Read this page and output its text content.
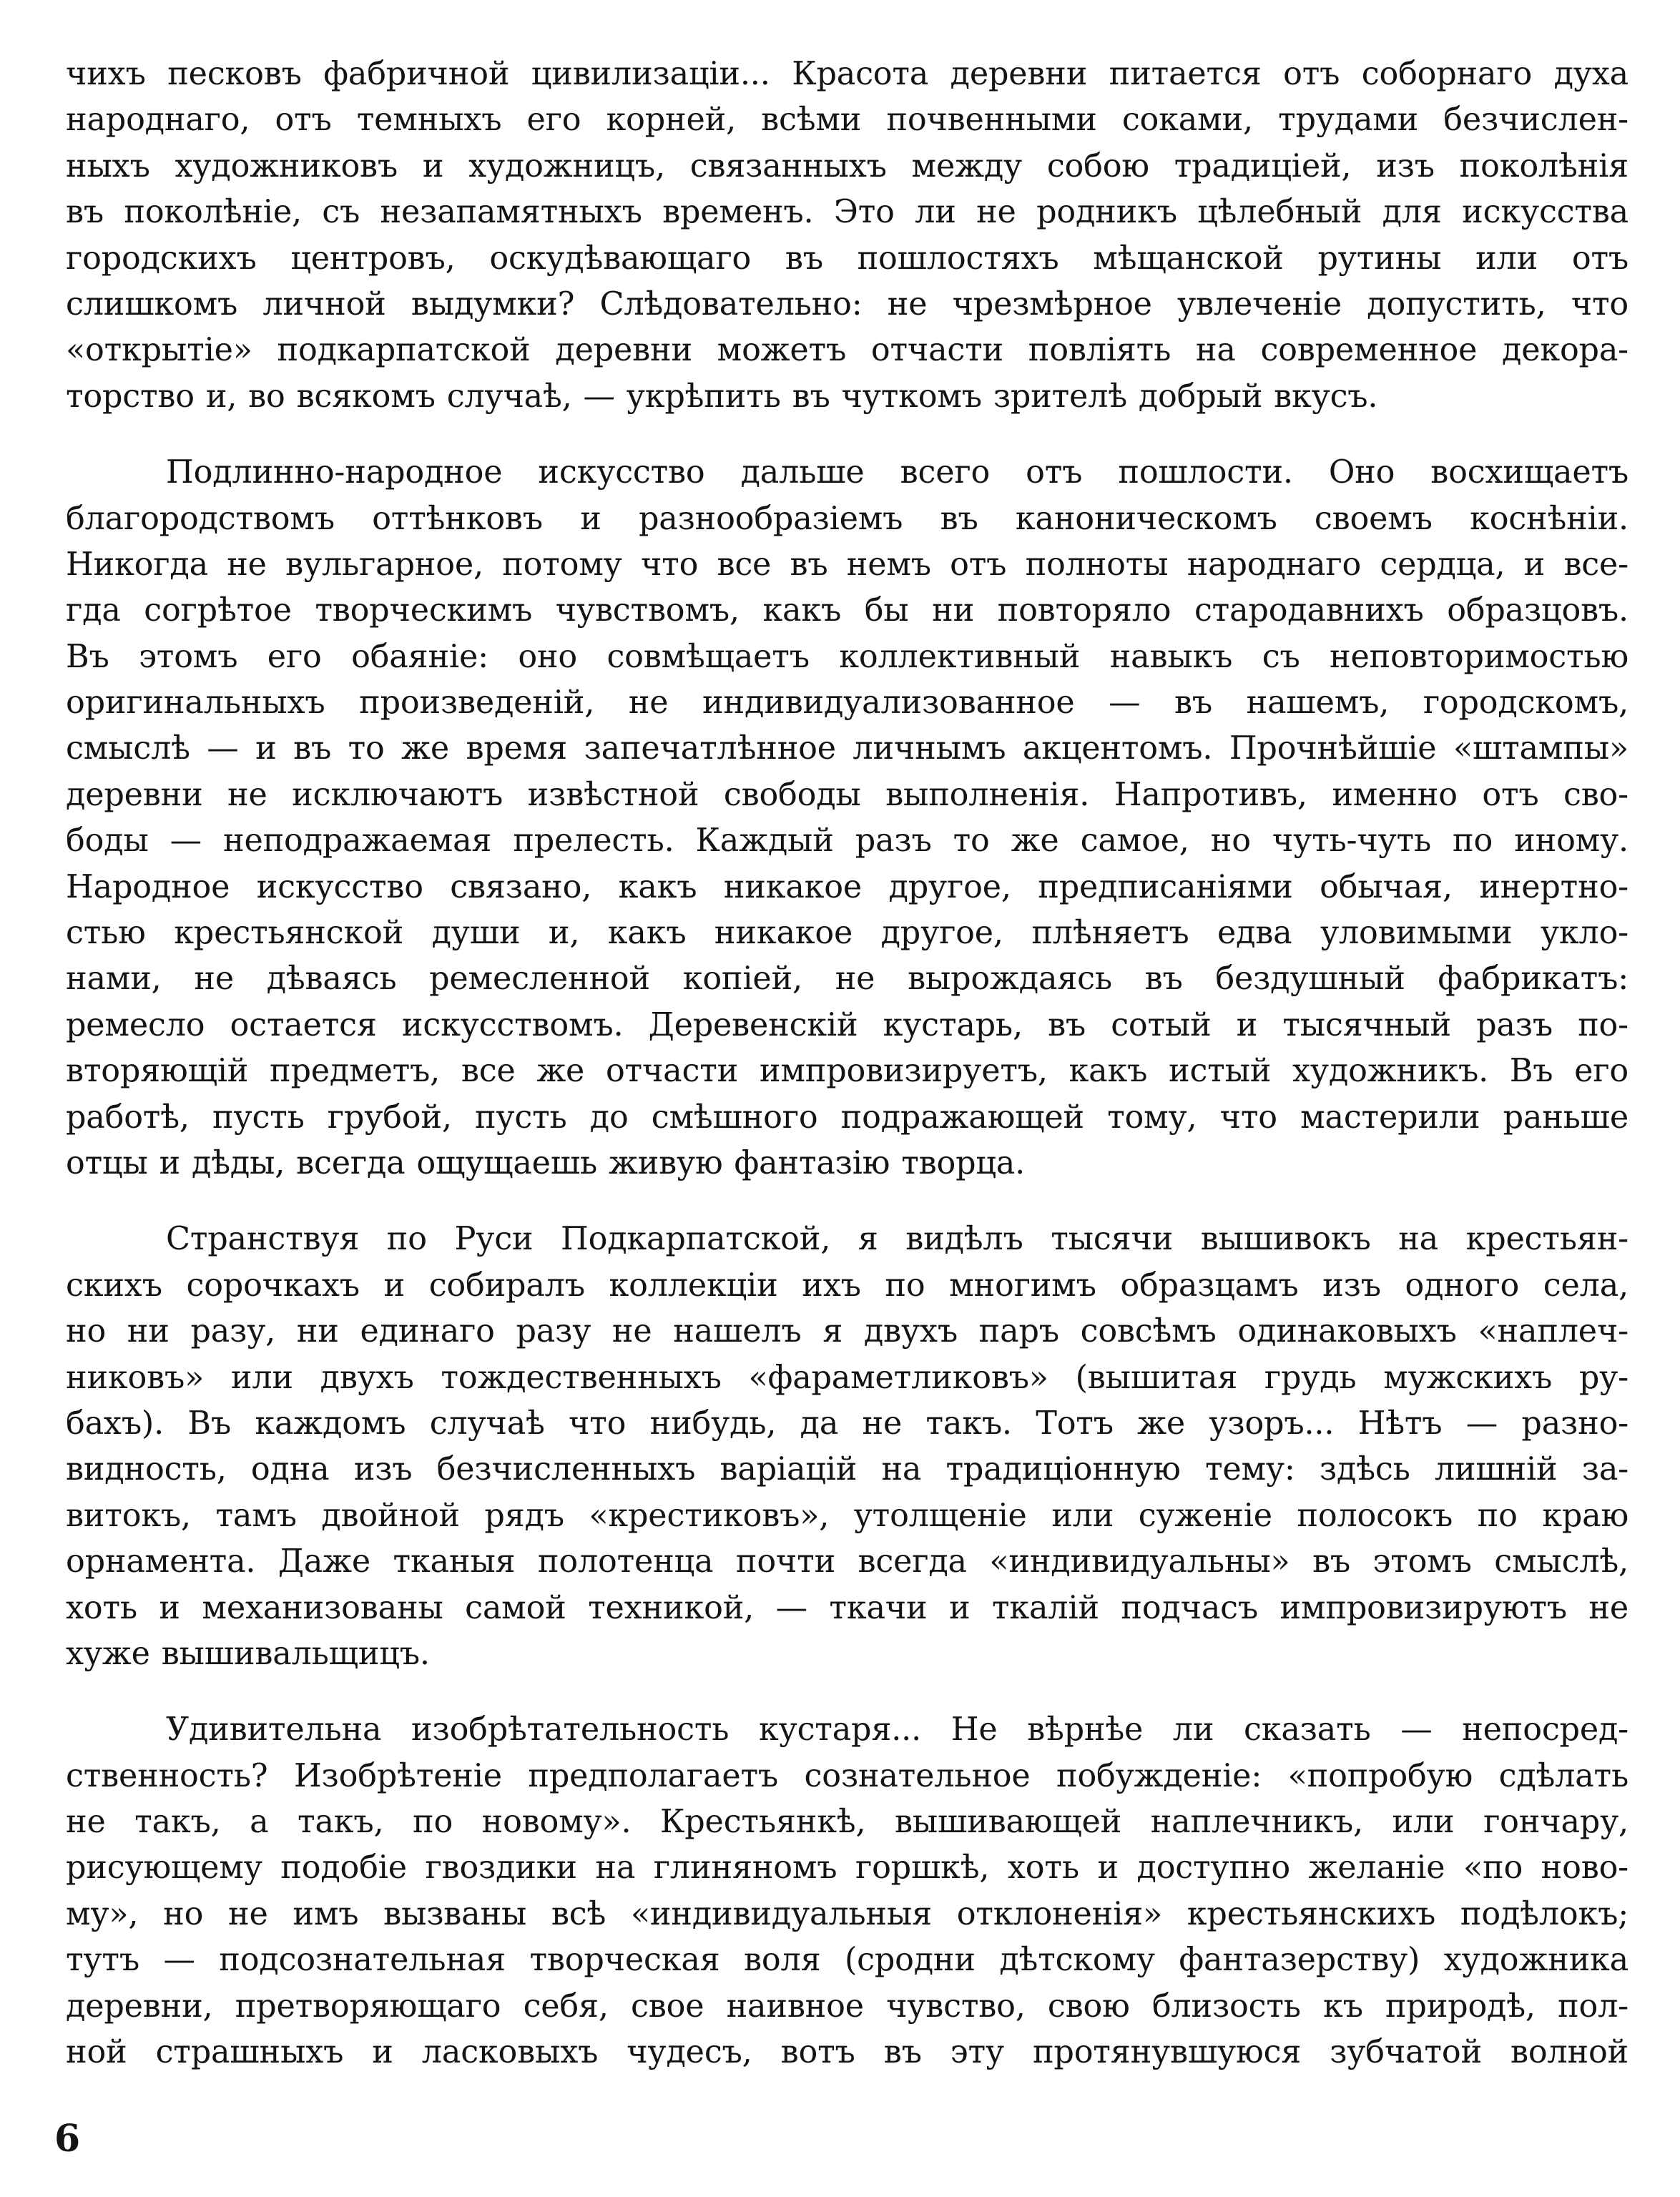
чихъ песковъ фабричной цивилизаціи... Красота деревни питается отъ соборнаго духа
народнаго, отъ темныхъ его корней, всѣми почвенными соками, трудами безчислен-
ныхъ художниковъ и художницъ, связанныхъ между собою традиціей, изъ поколѣнія
въ поколѣніе, съ незапамятныхъ временъ. Это ли не родникъ цѣлебный для искусства
городскихъ центровъ, оскудѣвающаго въ пошлостяхъ мѣщанской рутины или отъ
слишкомъ личной выдумки? Слѣдовательно: не чрезмѣрное увлеченіе допустить, что
«открытіе» подкарпатской деревни можетъ отчасти повліять на современное декора-
торство и, во всякомъ случаѣ, — укрѣпить въ чуткомъ зрителѣ добрый вкусъ.

Подлинно-народное искусство дальше всего отъ пошлости. Оно восхищаетъ
благородствомъ оттѣнковъ и разнообразіемъ въ каноническомъ своемъ коснѣніи.
Никогда не вульгарное, потому что все въ немъ отъ полноты народнаго сердца, и все-
гда согрѣтое творческимъ чувствомъ, какъ бы ни повторяло стародавнихъ образцовъ.
Въ этомъ его обаяніе: оно совмѣщаетъ коллективный навыкъ съ неповторимостью
оригинальныхъ произведеній, не индивидуализованное — въ нашемъ, городскомъ,
смыслѣ — и въ то же время запечатлѣнное личнымъ акцентомъ. Прочнѣйшіе «штампы»
деревни не исключаютъ извѣстной свободы выполненія. Напротивъ, именно отъ сво-
боды — неподражаемая прелесть. Каждый разъ то же самое, но чуть-чуть по иному.
Народное искусство связано, какъ никакое другое, предписаніями обычая, инертно-
стью крестьянской души и, какъ никакое другое, плѣняетъ едва уловимыми укло-
нами, не дѣваясь ремесленной копіей, не вырождаясь въ бездушный фабрикатъ:
ремесло остается искусствомъ. Деревенскій кустарь, въ сотый и тысячный разъ по-
вторяющій предметъ, все же отчасти импровизируетъ, какъ истый художникъ. Въ его
работѣ, пусть грубой, пусть до смѣшного подражающей тому, что мастерили раньше
отцы и дѣды, всегда ощущаешь живую фантазію творца.

Странствуя по Руси Подкарпатской, я видѣлъ тысячи вышивокъ на крестьян-
скихъ сорочкахъ и собиралъ коллекціи ихъ по многимъ образцамъ изъ одного села,
но ни разу, ни единаго разу не нашелъ я двухъ паръ совсѣмъ одинаковыхъ «наплеч-
никовъ» или двухъ тождественныхъ «фараметликовъ» (вышитая грудь мужскихъ ру-
бахъ). Въ каждомъ случаѣ что нибудь, да не такъ. Тотъ же узоръ... Нѣтъ — разно-
видность, одна изъ безчисленныхъ варіацій на традиціонную тему: здѣсь лишній за-
витокъ, тамъ двойной рядъ «крестиковъ», утолщеніе или суженіе полосокъ по краю
орнамента. Даже тканыя полотенца почти всегда «индивидуальны» въ этомъ смыслѣ,
хоть и механизованы самой техникой, — ткачи и ткалій подчасъ импровизируютъ не
хуже вышивальщицъ.

Удивительна изобрѣтательность кустаря... Не вѣрнѣе ли сказать — непосред-
ственность? Изобрѣтеніе предполагаетъ сознательное побужденіе: «попробую сдѣлать
не такъ, а такъ, по новому». Крестьянкѣ, вышивающей наплечникъ, или гончару,
рисующему подобіе гвоздики на глиняномъ горшкѣ, хоть и доступно желаніе «по ново-
му», но не имъ вызваны всѣ «индивидуальныя отклоненія» крестьянскихъ подѣлокъ;
тутъ — подсознательная творческая воля (сродни дѣтскому фантазерству) художника
деревни, претворяющаго себя, свое наивное чувство, свою близость къ природѣ, пол-
ной страшныхъ и ласковыхъ чудесъ, вотъ въ эту протянувшуюся зубчатой волной

6
